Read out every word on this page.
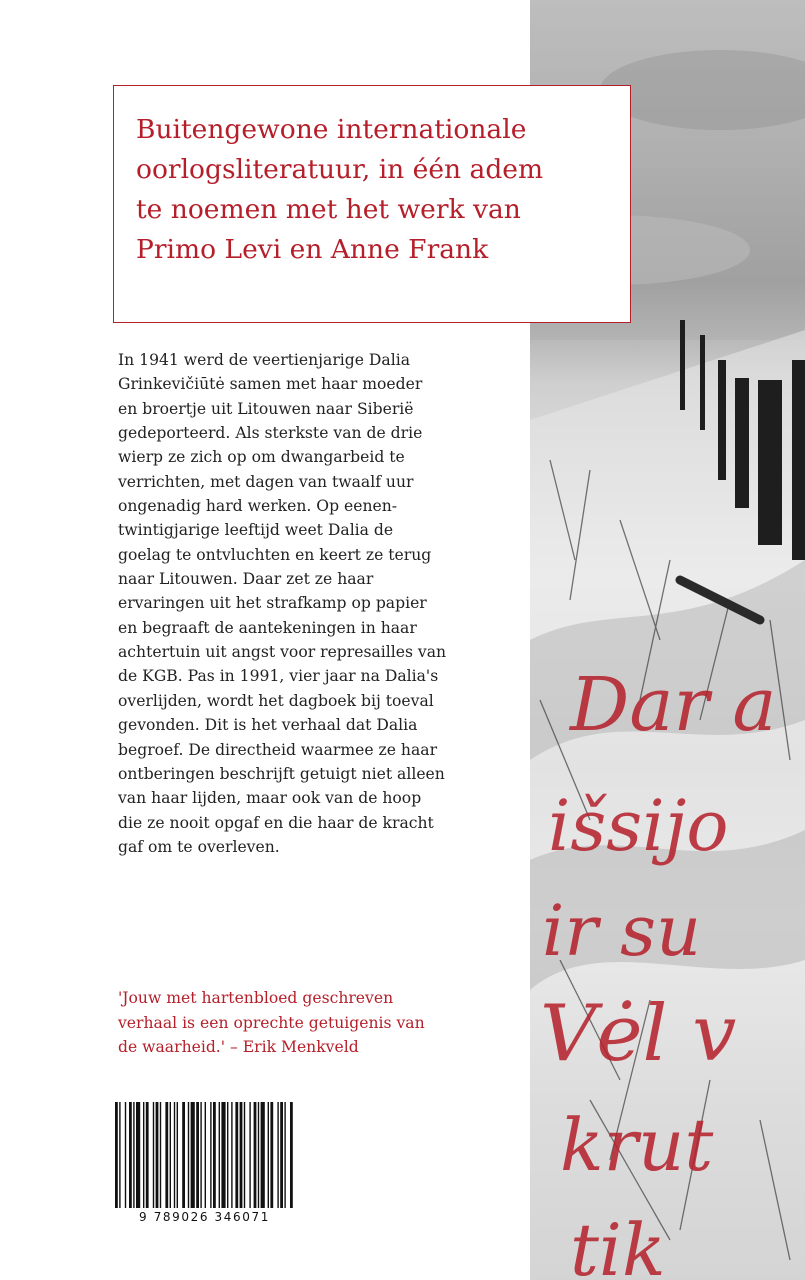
Dar a
išsijo
ir su
Vėl v
krut
tik
Buitengewone internationale
oorlogsliteratuur, in één adem
te noemen met het werk van
Primo Levi en Anne Frank
In 1941 werd de veertienjarige Dalia
Grinkevičiūtė samen met haar moeder
en broertje uit Litouwen naar Siberië
gedeporteerd. Als sterkste van de drie
wierp ze zich op om dwangarbeid te
verrichten, met dagen van twaalf uur
ongenadig hard werken. Op eenen-
twintigjarige leeftijd weet Dalia de
goelag te ontvluchten en keert ze terug
naar Litouwen. Daar zet ze haar
ervaringen uit het strafkamp op papier
en begraaft de aantekeningen in haar
achtertuin uit angst voor represailles van
de KGB. Pas in 1991, vier jaar na Dalia's
overlijden, wordt het dagboek bij toeval
gevonden. Dit is het verhaal dat Dalia
begroef. De directheid waarmee ze haar
ontberingen beschrijft getuigt niet alleen
van haar lijden, maar ook van de hoop
die ze nooit opgaf en die haar de kracht
gaf om te overleven.
'Jouw met hartenbloed geschreven
verhaal is een oprechte getuigenis van
de waarheid.' – Erik Menkveld
9 789026 346071
